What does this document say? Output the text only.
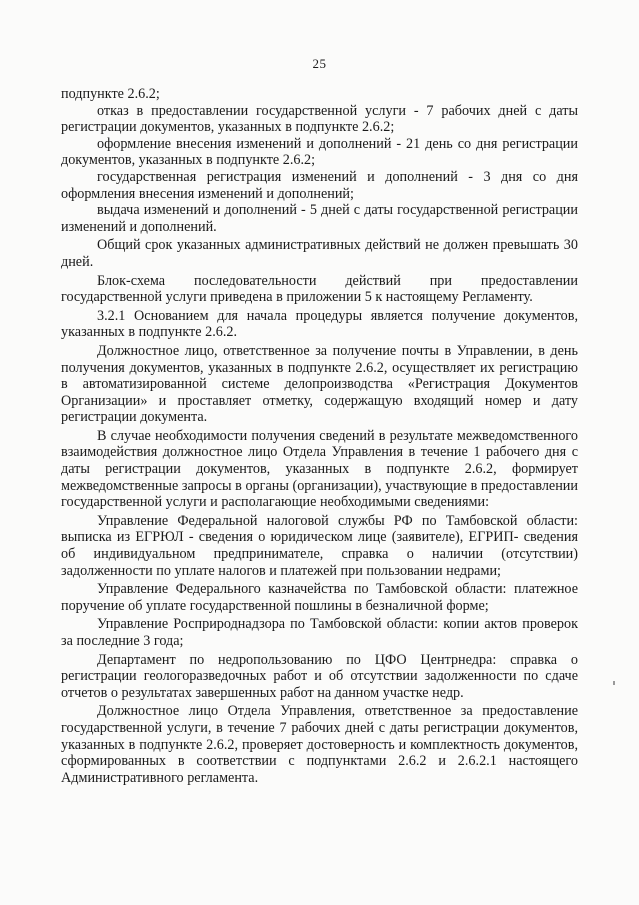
25

подпункте 2.6.2;

отказ в предоставлении государственной услуги - 7 рабочих дней с даты регистрации документов, указанных в подпункте 2.6.2;

оформление внесения изменений и дополнений - 21 день со дня регистрации документов, указанных в подпункте 2.6.2;

государственная регистрация изменений и дополнений - 3 дня со дня оформления внесения изменений и дополнений;

выдача изменений и дополнений - 5 дней с даты государственной регистрации изменений и дополнений.

Общий срок указанных административных действий не должен превышать 30 дней.

Блок-схема последовательности действий при предоставлении государственной услуги приведена в приложении 5 к настоящему Регламенту.

3.2.1 Основанием для начала процедуры является получение документов, указанных в подпункте 2.6.2.

Должностное лицо, ответственное за получение почты в Управлении, в день получения документов, указанных в подпункте 2.6.2, осуществляет их регистрацию в автоматизированной системе делопроизводства «Регистрация Документов Организации» и проставляет отметку, содержащую входящий номер и дату регистрации документа.

В случае необходимости получения сведений в результате межведомственного взаимодействия должностное лицо Отдела Управления в течение 1 рабочего дня с даты регистрации документов, указанных в подпункте 2.6.2, формирует межведомственные запросы в органы (организации), участвующие в предоставлении государственной услуги и располагающие необходимыми сведениями:

Управление Федеральной налоговой службы РФ по Тамбовской области: выписка из ЕГРЮЛ - сведения о юридическом лице (заявителе), ЕГРИП- сведения об индивидуальном предпринимателе, справка о наличии (отсутствии) задолженности по уплате налогов и платежей при пользовании недрами;

Управление Федерального казначейства по Тамбовской области: платежное поручение об уплате государственной пошлины в безналичной форме;

Управление Росприроднадзора по Тамбовской области: копии актов проверок за последние 3 года;

Департамент по недропользованию по ЦФО Центрнедра: справка о регистрации геологоразведочных работ и об отсутствии задолженности по сдаче отчетов о результатах завершенных работ на данном участке недр.

Должностное лицо Отдела Управления, ответственное за предоставление государственной услуги, в течение 7 рабочих дней с даты регистрации документов, указанных в подпункте 2.6.2, проверяет достоверность и комплектность документов, сформированных в соответствии с подпунктами 2.6.2 и 2.6.2.1 настоящего Административного регламента.
